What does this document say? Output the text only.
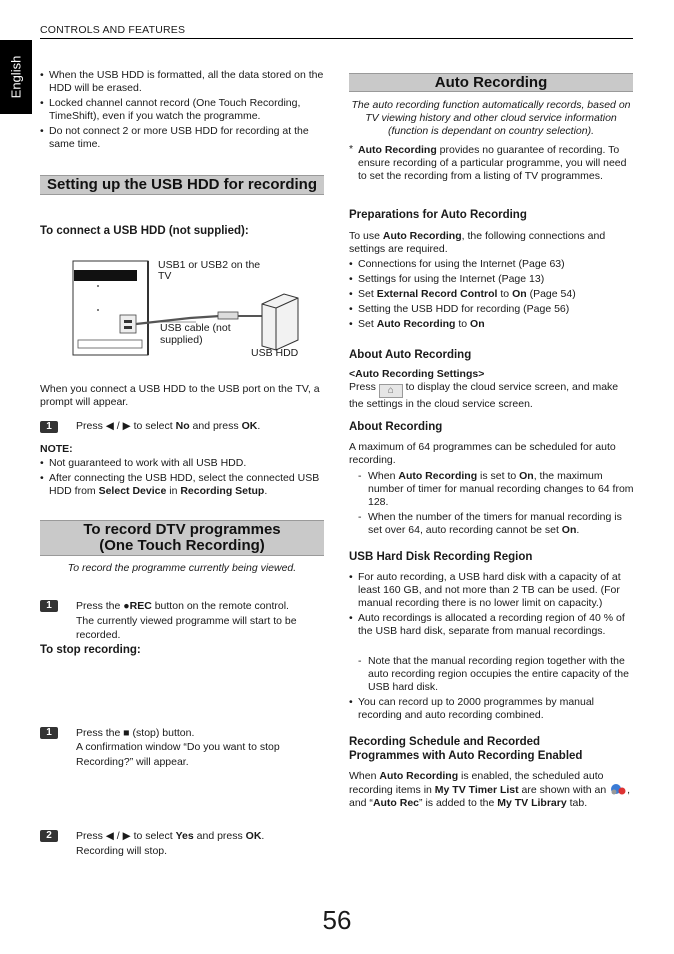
CONTROLS AND FEATURES
English
•	When the USB HDD is formatted, all the data stored on the HDD will be erased.
• Locked channel cannot record (One Touch Recording, TimeShift), even if you watch the programme.
• Do not connect 2 or more USB HDD for recording at the same time.
Setting up the USB HDD for recording
To connect a USB HDD (not supplied):
USB1 or USB2 on the TV
USB cable (not supplied)
USB HDD
When you connect a USB HDD to the USB port on the TV, a prompt will appear.
1	Press ◀ / ▶ to select No and press OK.
NOTE:
• Not guaranteed to work with all USB HDD.
• After connecting the USB HDD, select the connected USB HDD from Select Device in Recording Setup.
To record DTV programmes
(One Touch Recording)
To record the programme currently being viewed.
1	Press the ●REC button on the remote control.
The currently viewed programme will start to be recorded.
To stop recording:
1	Press the ■ (stop) button.
A confirmation window “Do you want to stop Recording?” will appear.
2	Press ◀ / ▶ to select Yes and press OK.
Recording will stop.
Auto Recording
The auto recording function automatically records, based on TV viewing history and other cloud service information (function is dependant on country selection).
* Auto Recording provides no guarantee of recording. To ensure recording of a particular programme, you will need to set the recording from a listing of TV programmes.
Preparations for Auto Recording
To use Auto Recording, the following connections and settings are required.
• Connections for using the Internet (Page 63)
• Settings for using the Internet (Page 13)
• Set External Record Control to On (Page 54)
• Setting the USB HDD for recording (Page 56)
• Set Auto Recording to On
About Auto Recording
<Auto Recording Settings>
Press ⌂ to display the cloud service screen, and make the settings in the cloud service screen.
About Recording
A maximum of 64 programmes can be scheduled for auto recording.
- When Auto Recording is set to On, the maximum number of timer for manual recording changes to 64 from 128.
- When the number of the timers for manual recording is set over 64, auto recording cannot be set On.
USB Hard Disk Recording Region
• For auto recording, a USB hard disk with a capacity of at least 160 GB, and not more than 2 TB can be used. (For manual recording there is no lower limit on capacity.)
• Auto recordings is allocated a recording region of 40 % of the USB hard disk, separate from manual recordings.
- Note that the manual recording region together with the auto recording region occupies the entire capacity of the USB hard disk.
• You can record up to 2000 programmes by manual recording and auto recording combined.
Recording Schedule and Recorded
Programmes with Auto Recording Enabled
When Auto Recording is enabled, the scheduled auto recording items in My TV Timer List are shown with an , and “Auto Rec” is added to the My TV Library tab.
56
